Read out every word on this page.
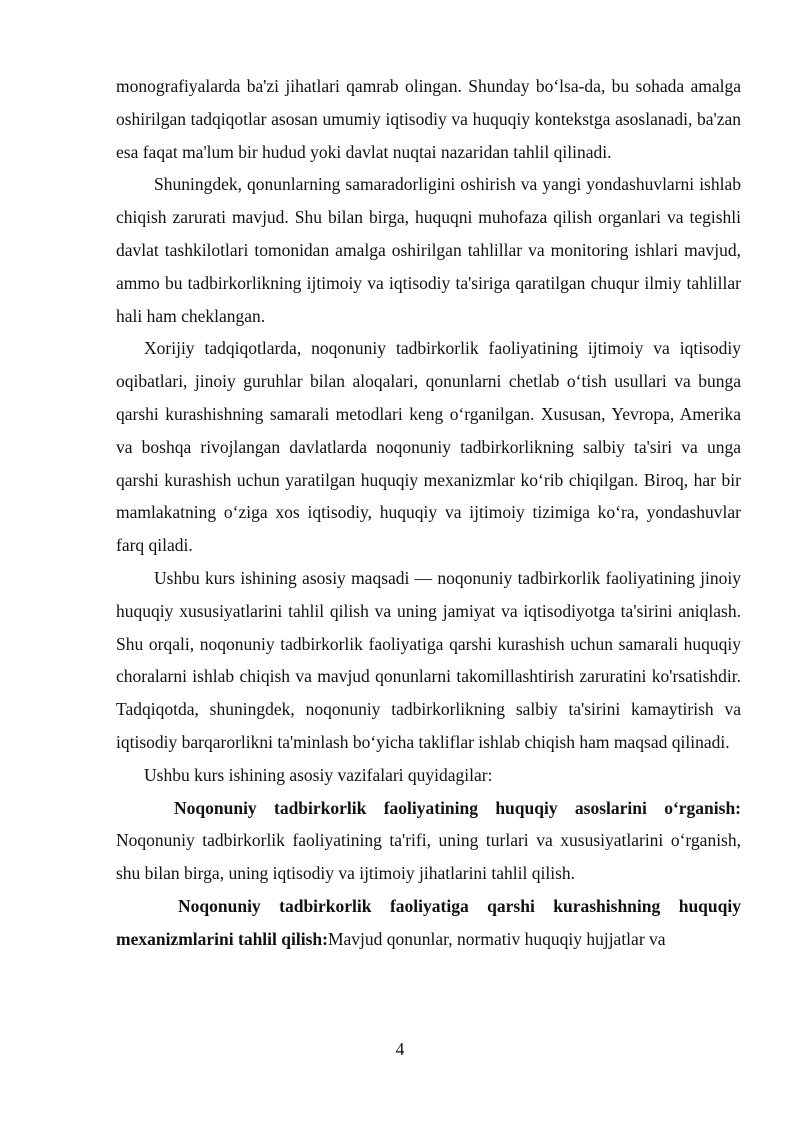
monografiyalarda ba'zi jihatlari qamrab olingan. Shunday bo‘lsa-da, bu sohada amalga oshirilgan tadqiqotlar asosan umumiy iqtisodiy va huquqiy kontekstga asoslanadi, ba'zan esa faqat ma'lum bir hudud yoki davlat nuqtai nazaridan tahlil qilinadi.

Shuningdek, qonunlarning samaradorligini oshirish va yangi yondashuvlarni ishlab chiqish zarurati mavjud. Shu bilan birga, huquqni muhofaza qilish organlari va tegishli davlat tashkilotlari tomonidan amalga oshirilgan tahlillar va monitoring ishlari mavjud, ammo bu tadbirkorlikning ijtimoiy va iqtisodiy ta'siriga qaratilgan chuqur ilmiy tahlillar hali ham cheklangan.

Xorijiy tadqiqotlarda, noqonuniy tadbirkorlik faoliyatining ijtimoiy va iqtisodiy oqibatlari, jinoiy guruhlar bilan aloqalari, qonunlarni chetlab o‘tish usullari va bunga qarshi kurashishning samarali metodlari keng o‘rganilgan. Xususan, Yevropa, Amerika va boshqa rivojlangan davlatlarda noqonuniy tadbirkorlikning salbiy ta'siri va unga qarshi kurashish uchun yaratilgan huquqiy mexanizmlar ko‘rib chiqilgan. Biroq, har bir mamlakatning o‘ziga xos iqtisodiy, huquqiy va ijtimoiy tizimiga ko‘ra, yondashuvlar farq qiladi.

Ushbu kurs ishining asosiy maqsadi — noqonuniy tadbirkorlik faoliyatining jinoiy huquqiy xususiyatlarini tahlil qilish va uning jamiyat va iqtisodiyotga ta'sirini aniqlash. Shu orqali, noqonuniy tadbirkorlik faoliyatiga qarshi kurashish uchun samarali huquqiy choralarni ishlab chiqish va mavjud qonunlarni takomillashtirish zaruratini ko'rsatishdir. Tadqiqotda, shuningdek, noqonuniy tadbirkorlikning salbiy ta'sirini kamaytirish va iqtisodiy barqarorlikni ta'minlash bo‘yicha takliflar ishlab chiqish ham maqsad qilinadi.

Ushbu kurs ishining asosiy vazifalari quyidagilar:

Noqonuniy tadbirkorlik faoliyatining huquqiy asoslarini o‘rganish: Noqonuniy tadbirkorlik faoliyatining ta'rifi, uning turlari va xususiyatlarini o‘rganish, shu bilan birga, uning iqtisodiy va ijtimoiy jihatlarini tahlil qilish.

Noqonuniy tadbirkorlik faoliyatiga qarshi kurashishning huquqiy mexanizmlarini tahlil qilish:Mavjud qonunlar, normativ huquqiy hujjatlar va

4
